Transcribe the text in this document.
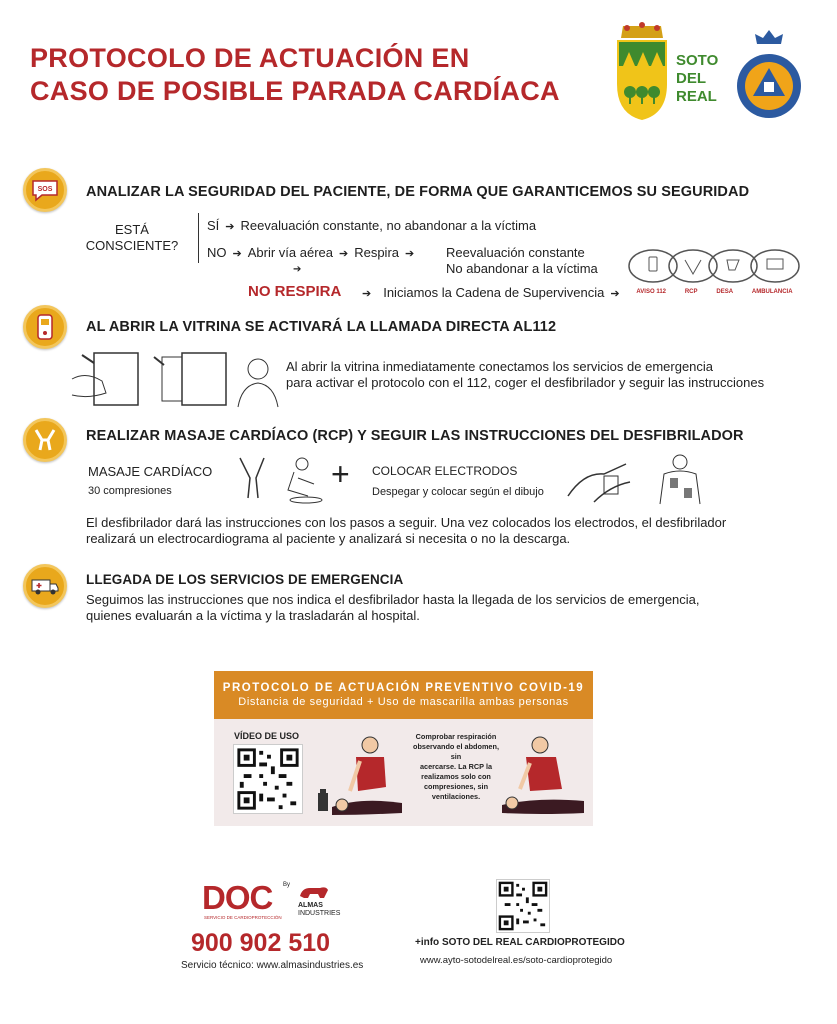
PROTOCOLO DE ACTUACIÓN EN
CASO DE POSIBLE PARADA CARDÍACA
SOTO
DEL
REAL
SOS ANALIZAR LA SEGURIDAD DEL PACIENTE, DE FORMA QUE GARANTICEMOS SU SEGURIDAD
ESTÁ
CONSCIENTE?
SÍ ➔ Reevaluación constante, no abandonar a la víctima
NO ➔ Abrir vía aérea ➔ Respira ➔	Reevaluación constante
No abandonar a la víctima
➔
NO RESPIRA	➔ Iniciamos la Cadena de Supervivencia ➔	AVISO 112	RCP	DESA	AMBULANCIA
AL ABRIR LA VITRINA SE ACTIVARÁ LA LLAMADA DIRECTA AL112
Al abrir la vitrina inmediatamente conectamos los servicios de emergencia
para activar el protocolo con el 112, coger el desfibrilador y seguir las instrucciones
REALIZAR MASAJE CARDÍACO (RCP) Y SEGUIR LAS INSTRUCCIONES DEL DESFIBRILADOR
MASAJE CARDÍACO
30 compresiones	+ COLOCAR ELECTRODOS
Despegar y colocar según el dibujo
El desfibrilador dará las instrucciones con los pasos a seguir. Una vez colocados los electrodos, el desfibrilador
realizará un electrocardiograma al paciente y analizará si necesita o no la descarga.
LLEGADA DE LOS SERVICIOS DE EMERGENCIA
Seguimos las instrucciones que nos indica el desfibrilador hasta la llegada de los servicios de emergencia,
quienes evaluarán a la víctima y la trasladarán al hospital.
PROTOCOLO DE ACTUACIÓN PREVENTIVO COVID-19
Distancia de seguridad + Uso de mascarilla ambas personas
VÍDEO DE USO	Comprobar respiración
observando el abdomen, sin
acercarse. La RCP la
realizamos solo con
compresiones, sin
ventilaciones.
DOC
SERVICIO DE CARDIOPROTECCIÓN
By
ALMAS
INDUSTRIES
900 902 510
Servicio técnico: www.almasindustries.es
+info SOTO DEL REAL CARDIOPROTEGIDO
www.ayto-sotodelreal.es/soto-cardioprotegido
